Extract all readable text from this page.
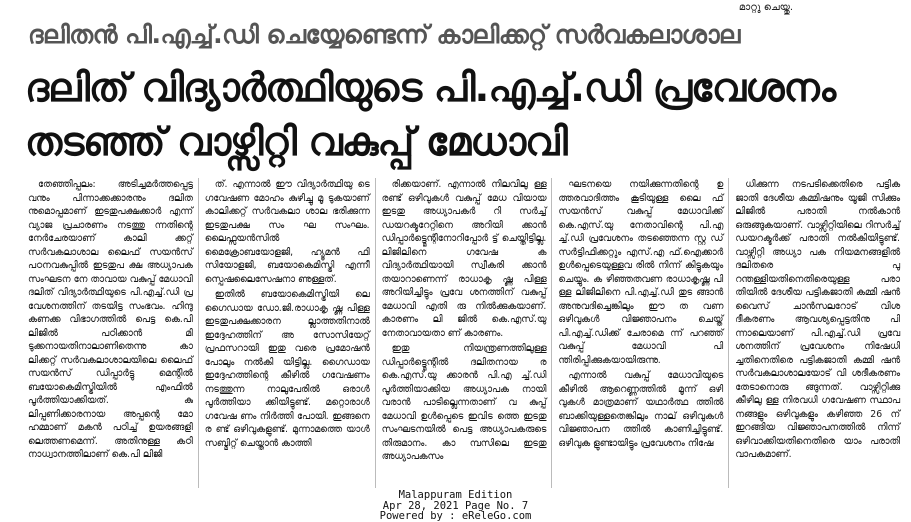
മാറ്റു ചെയ്തു.
ദലിതൻ പി.എച്ച്.ഡി ചെയ്യേണ്ടെന്ന് കാലിക്കറ്റ് സർവകലാശാല
ദലിത് വിദ്യാർത്ഥിയുടെ പി.എച്ച്.ഡി പ്രവേശനം
തടഞ്ഞ് വാഴ്സിറ്റി വകുപ്പ് മേധാവി

തേഞ്ഞിപ്പലം: അടിച്ചമർത്തപ്പെട്ട വനും പിന്നാക്കക്കാരനും ദലിത നുമൊപ്പമാണ് ഇടതുപക്ഷക്കാർ എന്ന് വ്യാജ പ്രചാരണം നടത്തു ന്നതിന്റെ നേർചേരയാണ് കാലി ക്കറ്റ് സർവകലാശാല ലൈഫ് സയൻസ് പഠനവകുപ്പിൽ ഇടതുപ ക്ഷ അധ്യാപക സംഘടന നേ താവായ വകുപ്പ് മേധാവി ദലിത് വിദ്യാർത്ഥിയുടെ പി.എച്ച്.ഡി പ്ര വേശനത്തിന് തടയിട്ട സംഭവം. ഹിന്ദു കണക്ക വിഭാഗത്തിൽ പെട്ട കെ.പി ലിജിൽ പഠിക്കാൻ മി ടുക്കനായതിനാലാണിതെന്നു കാ ലിക്കറ്റ് സർവകലാശാലയിലെ ലൈഫ് സയൻസ് ഡിപ്പാർട്ടു മെന്റിൽ ബയോകെമിസ്ട്രിയിൽ എംഫിൽ പൂർത്തിയാക്കിയത്. കു ലിപ്പണിക്കാരനായ അപ്പന്റെ മോ ഹമ്മാണ് മകൻ പഠിച്ച് ഉയരങ്ങളി ലെത്തണമെന്ന്. അതിനുള്ള കഠി നാധ്വാനത്തിലാണ് കെ.പി ലിജി

ത്. എന്നാൽ ഈ വിദ്യാർത്ഥിയു ടെ ഗവേഷണ മോഹം കുഴിച്ചു മൂ ടുകയാണ് കാലിക്കറ്റ് സർവകലാ ശാല ഭരിക്കുന്ന ഇടതുപക്ഷ സം ഘ സംഘം. ലൈഫ്സയൻസിൽ മൈക്രോബയോളജി, ഹ്യൂമൻ ഫി സിയോളജി, ബയോകെമിസ്ട്രി എന്നീ സ്പെഷലൈസേഷനാ ണുള്ളത്.

ഇതിൽ ബയോകെമിസ്ട്രിയി ലെ ഗൈഡായ ഡോ.ജി.രാധാകൃ ഷ്ണ പിള്ള ഇടതുപക്ഷക്കാരന ല്ലാത്തതിനാൽ ഇദ്ദേഹത്തിന് അ സോസിയേറ്റ് പ്രഫസറായി ഇതു വരെ പ്രമോഷൻ പോലും നൽകി യിട്ടില്ല. ഗൈഡായ ഇദ്ദേഹത്തിന്റെ കീഴിൽ ഗവേഷണം നടത്തുന്ന നാലുപേരിൽ ഒരാൾ പൂർത്തിയാ ക്കിയിട്ടുണ്ട്. മറ്റൊരാൾ ഗവേഷ ണം നിർത്തി പോയി. ഇങ്ങനെ ര ണ്ട് ഒഴിവുകളുണ്ട്. മുന്നാമത്തെ യാൾ സബ്മിറ്റ് ചെയ്താൻ കാത്തി

രിക്കയാണ്. എന്നാൽ നിലവിലു ള്ള രണ്ട് ഒഴിവുകൾ വകുപ്പ് മേധ വിയായ ഇടതു അധ്യാപകർ റി സർച്ച് ഡയറക്ടറേറ്റിനെ അറിയി ക്കാൻ ഡിപ്പാർട്ട്മെന്റിനോറിപ്പോർ ട്ട് ചെയ്തിട്ടില്ല. ലിജിലിനെ ഗവേഷ ക വിദ്യാർത്ഥിയായി സ്വീകരി ക്കാൻ തയാറാണെന്ന് രാധാകൃ ഷ്ണ പിള്ള അറിയിച്ചിട്ടും പ്രവേ ശനത്തിന് വകുപ്പ് മേധാവി എതി രു നിൽക്കുകയാണ്. കാരണം ലി ജിൽ കെ.എസ്.യു നേതാവായതാ ണ് കാരണം.

ഇതു നിയന്ത്രണത്തിലുള്ള ഡിപ്പാർട്ട്മെന്റിൽ ദലിതനായ ര കെ.എസ്.യു ക്കാരൻ പി.എ ച്ച്.ഡി പൂർത്തിയാക്കിയ അധ്യാപക നായി വരാൻ പാടില്ലെന്നതാണ് വ കുപ്പ് മേധാവി ഉൾപ്പെടെ ഇവിട ത്തെ ഇടതു സംഘടനയിൽ പെട്ട അധ്യാപകരുടെ തിരുമാനം. കാ മ്പസിലെ ഇടതു അധ്യാപകസം

ഘടനയെ നയിക്കുന്നതിന്റെ ഉ ത്തരവാദിത്തം കൂടിയുള്ള ലൈ ഫ് സയൻസ് വകുപ്പ് മേധാവിക്ക് കെ.എസ്.യു നേതാവിന്റെ പി.എ ച്ച്.ഡി പ്രവേശനം തടഞ്ഞെന്ന സ്റ്റ ഡ് സർട്ടിഫിക്കറ്റും എസ്.എ ഫ്.ഐക്കാർ ഉൾപ്പെടെയുള്ളവ രിൽ നിന്ന് കിട്ടുകയും ചെയ്യും. ക ഴിഞ്ഞതവണ രാധാകൃഷ്ണ പി ള്ള ലിജിലിനെ പി.എച്ച്.ഡി തുട ങ്ങാൻ അനുവദിച്ചെങ്കിലും ഈ ത വണ ഒഴിവുകൾ വിജ്ഞാപനം ചെയ്ത് പി.എച്ച്.ഡിക്ക് ചേരാമെ ന്ന് പറഞ്ഞ് വകുപ്പ് മേധാവി പി ന്തിരിപ്പിക്കുകയായിരുന്നു.

എന്നാൽ വകുപ്പ് മേധാവിയുടെ കീഴിൽ ആറെണ്ണത്തിൽ മൂന്ന് ഒഴി വുകൾ മാത്രമാണ് യഥാർത്ഥ ത്തിൽ ബാക്കിയുള്ളതെങ്കിലും നാല് ഒഴിവുകൾ വിജ്ഞാപന ത്തിൽ കാണിച്ചിട്ടുണ്ട്. ഒഴിവുക ളുണ്ടായിട്ടും പ്രവേശനം നിഷേ

ധിക്കുന്ന നടപടിക്കെതിരെ പട്ടിക ജാതി ദേശീയ കമ്മിഷനും യൂജി സിക്കും ലിജിൽ പരാതി നൽകാൻ ഒരുങ്ങുകയാണ്. വാഴ്സിറ്റിയിലെ റിസർച്ച് ഡയറക്ടർക്ക് പരാതി നൽകിയിട്ടുണ്ട്. വാഴ്സിറ്റി അധ്യാ പക നിയമനങ്ങളിൽ ദലിതരെ പു റന്തള്ളിയതിനെതിരെയുള്ള പരാ തിയിൽ ദേശീയ പട്ടികജാതി കമ്മി ഷൻ വൈസ് ചാൻസലറോട് വിശ ദീകരണം ആവശ്യപ്പെട്ടതിനു പി ന്നാലെയാണ് പി.എച്ച്.ഡി പ്രവേ ശനത്തിന് പ്രവേശനം നിഷേധി ച്ചതിനെതിരെ പട്ടികജാതി കമ്മി ഷൻ സർവകലാശാലയോട് വി ശദീകരണം തേടാനൊരു ങ്ങുന്നത്. വാഴ്സിറ്റിക്കു കീഴിലു ള്ള നിരവധി ഗവേഷണ സ്ഥാപ നങ്ങളും ഒഴിവുകളും കഴിഞ്ഞ 26 ന് ഇറങ്ങിയ വിജ്ഞാപനത്തിൽ നിന്ന് ഒഴിവാക്കിയതിനെതിരെ യാം പരാതി വാപകമാണ്.

Malappuram Edition
Apr 28, 2021 Page No. 7
Powered by : eReleGo.com
